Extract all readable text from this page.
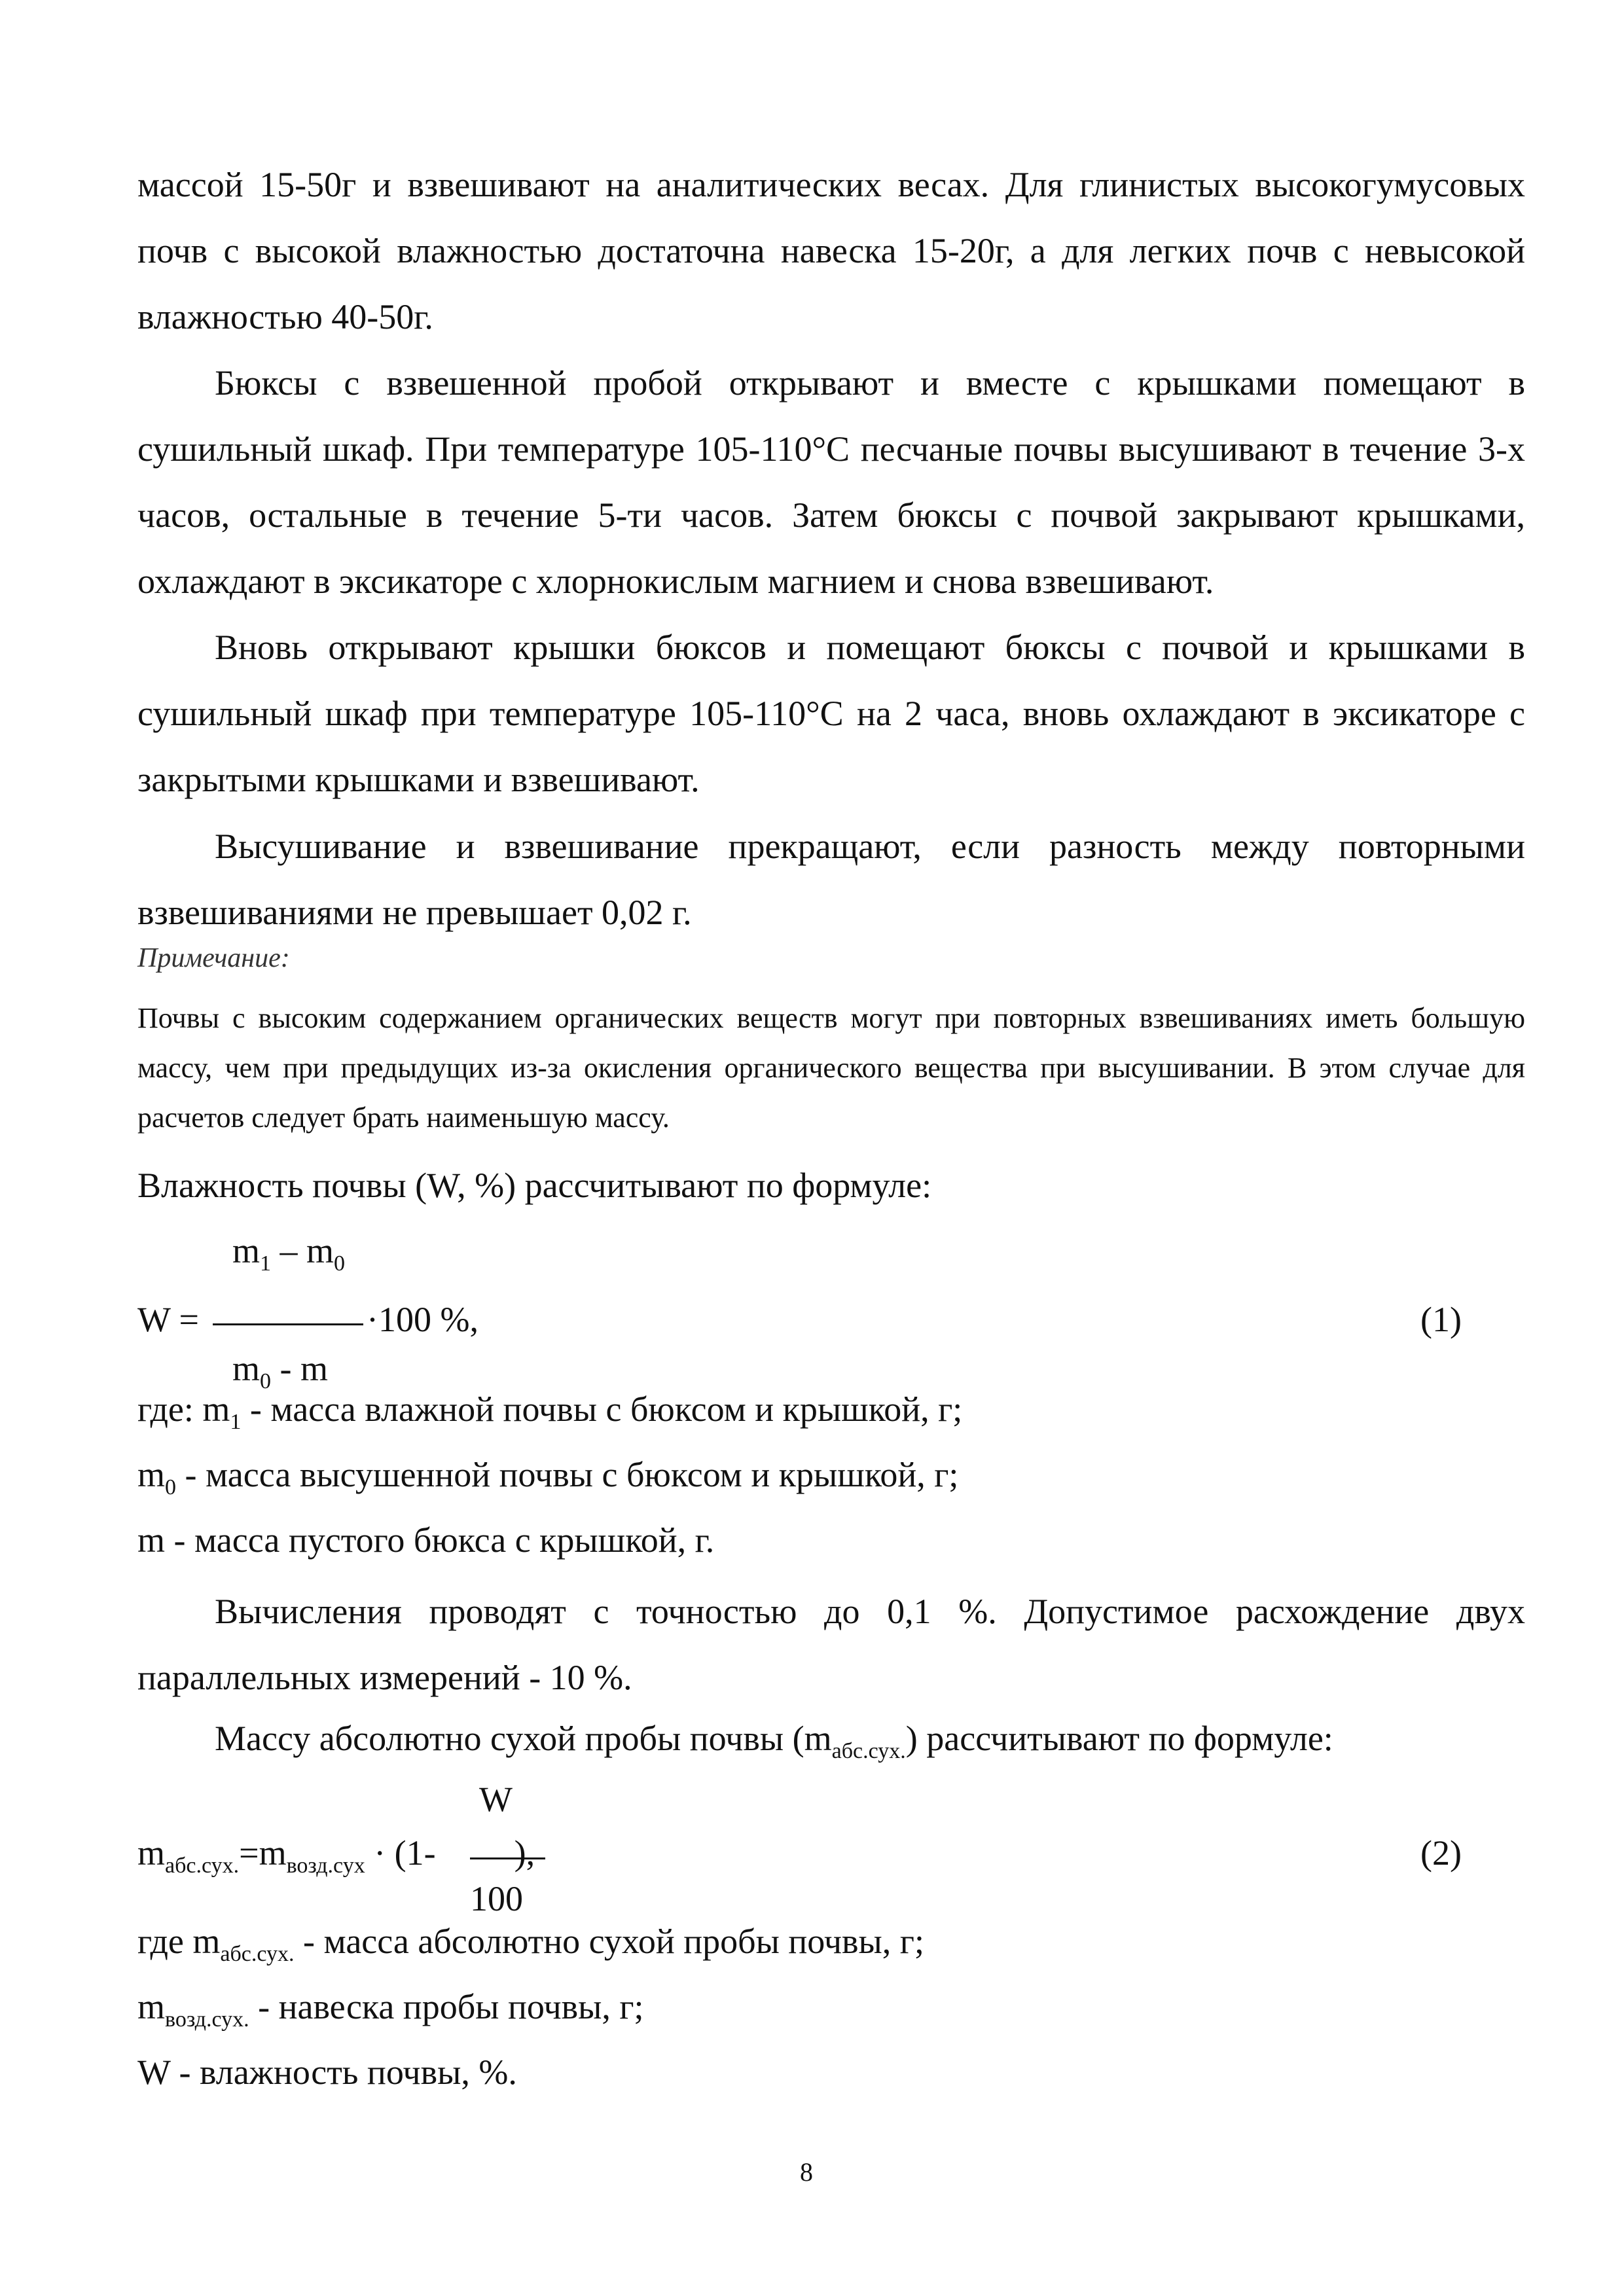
массой 15-50г и взвешивают на аналитических весах. Для глинистых высокогумусовых почв с высокой влажностью достаточна навеска 15-20г, а для легких почв с невысокой влажностью 40-50г.

Бюксы с взвешенной пробой открывают и вместе с крышками помещают в сушильный шкаф. При температуре 105-110°С песчаные почвы высушивают в течение 3-х часов, остальные в течение 5-ти часов. Затем бюксы с почвой закрывают крышками, охлаждают в эксикаторе с хлорнокислым магнием и снова взвешивают.

Вновь открывают крышки бюксов и помещают бюксы с почвой и крышками в сушильный шкаф при температуре 105-110°С на 2 часа, вновь охлаждают в эксикаторе с закрытыми крышками и взвешивают.

Высушивание и взвешивание прекращают, если разность между повторными взвешиваниями не превышает 0,02 г.

Примечание:

Почвы с высоким содержанием органических веществ могут при повторных взвешиваниях иметь большую массу, чем при предыдущих из-за окисления органического вещества при высушивании. В этом случае для расчетов следует брать наименьшую массу.

Влажность почвы (W, %) рассчитывают по формуле:
$m_1 - m_0$
W =	·100 %,	(1)
$m_0$ - m
где: $m_1$ - масса влажной почвы с бюксом и крышкой, г;
$m_0$ - масса высушенной почвы с бюксом и крышкой, г;
m - масса пустого бюкса с крышкой, г.

Вычисления проводят с точностью до 0,1 %. Допустимое расхождение двух параллельных измерений - 10 %.

Массу абсолютно сухой пробы почвы $(m_{абс.сух.})$ рассчитывают по формуле:
W
$m_{абс.сух.}=m_{возд.сух} \cdot (1-$ ),	(2)
100
где $m_{абс.сух.}$ - масса абсолютно сухой пробы почвы, г;
$m_{возд.сух.}$ - навеска пробы почвы, г;
W - влажность почвы, %.
8
